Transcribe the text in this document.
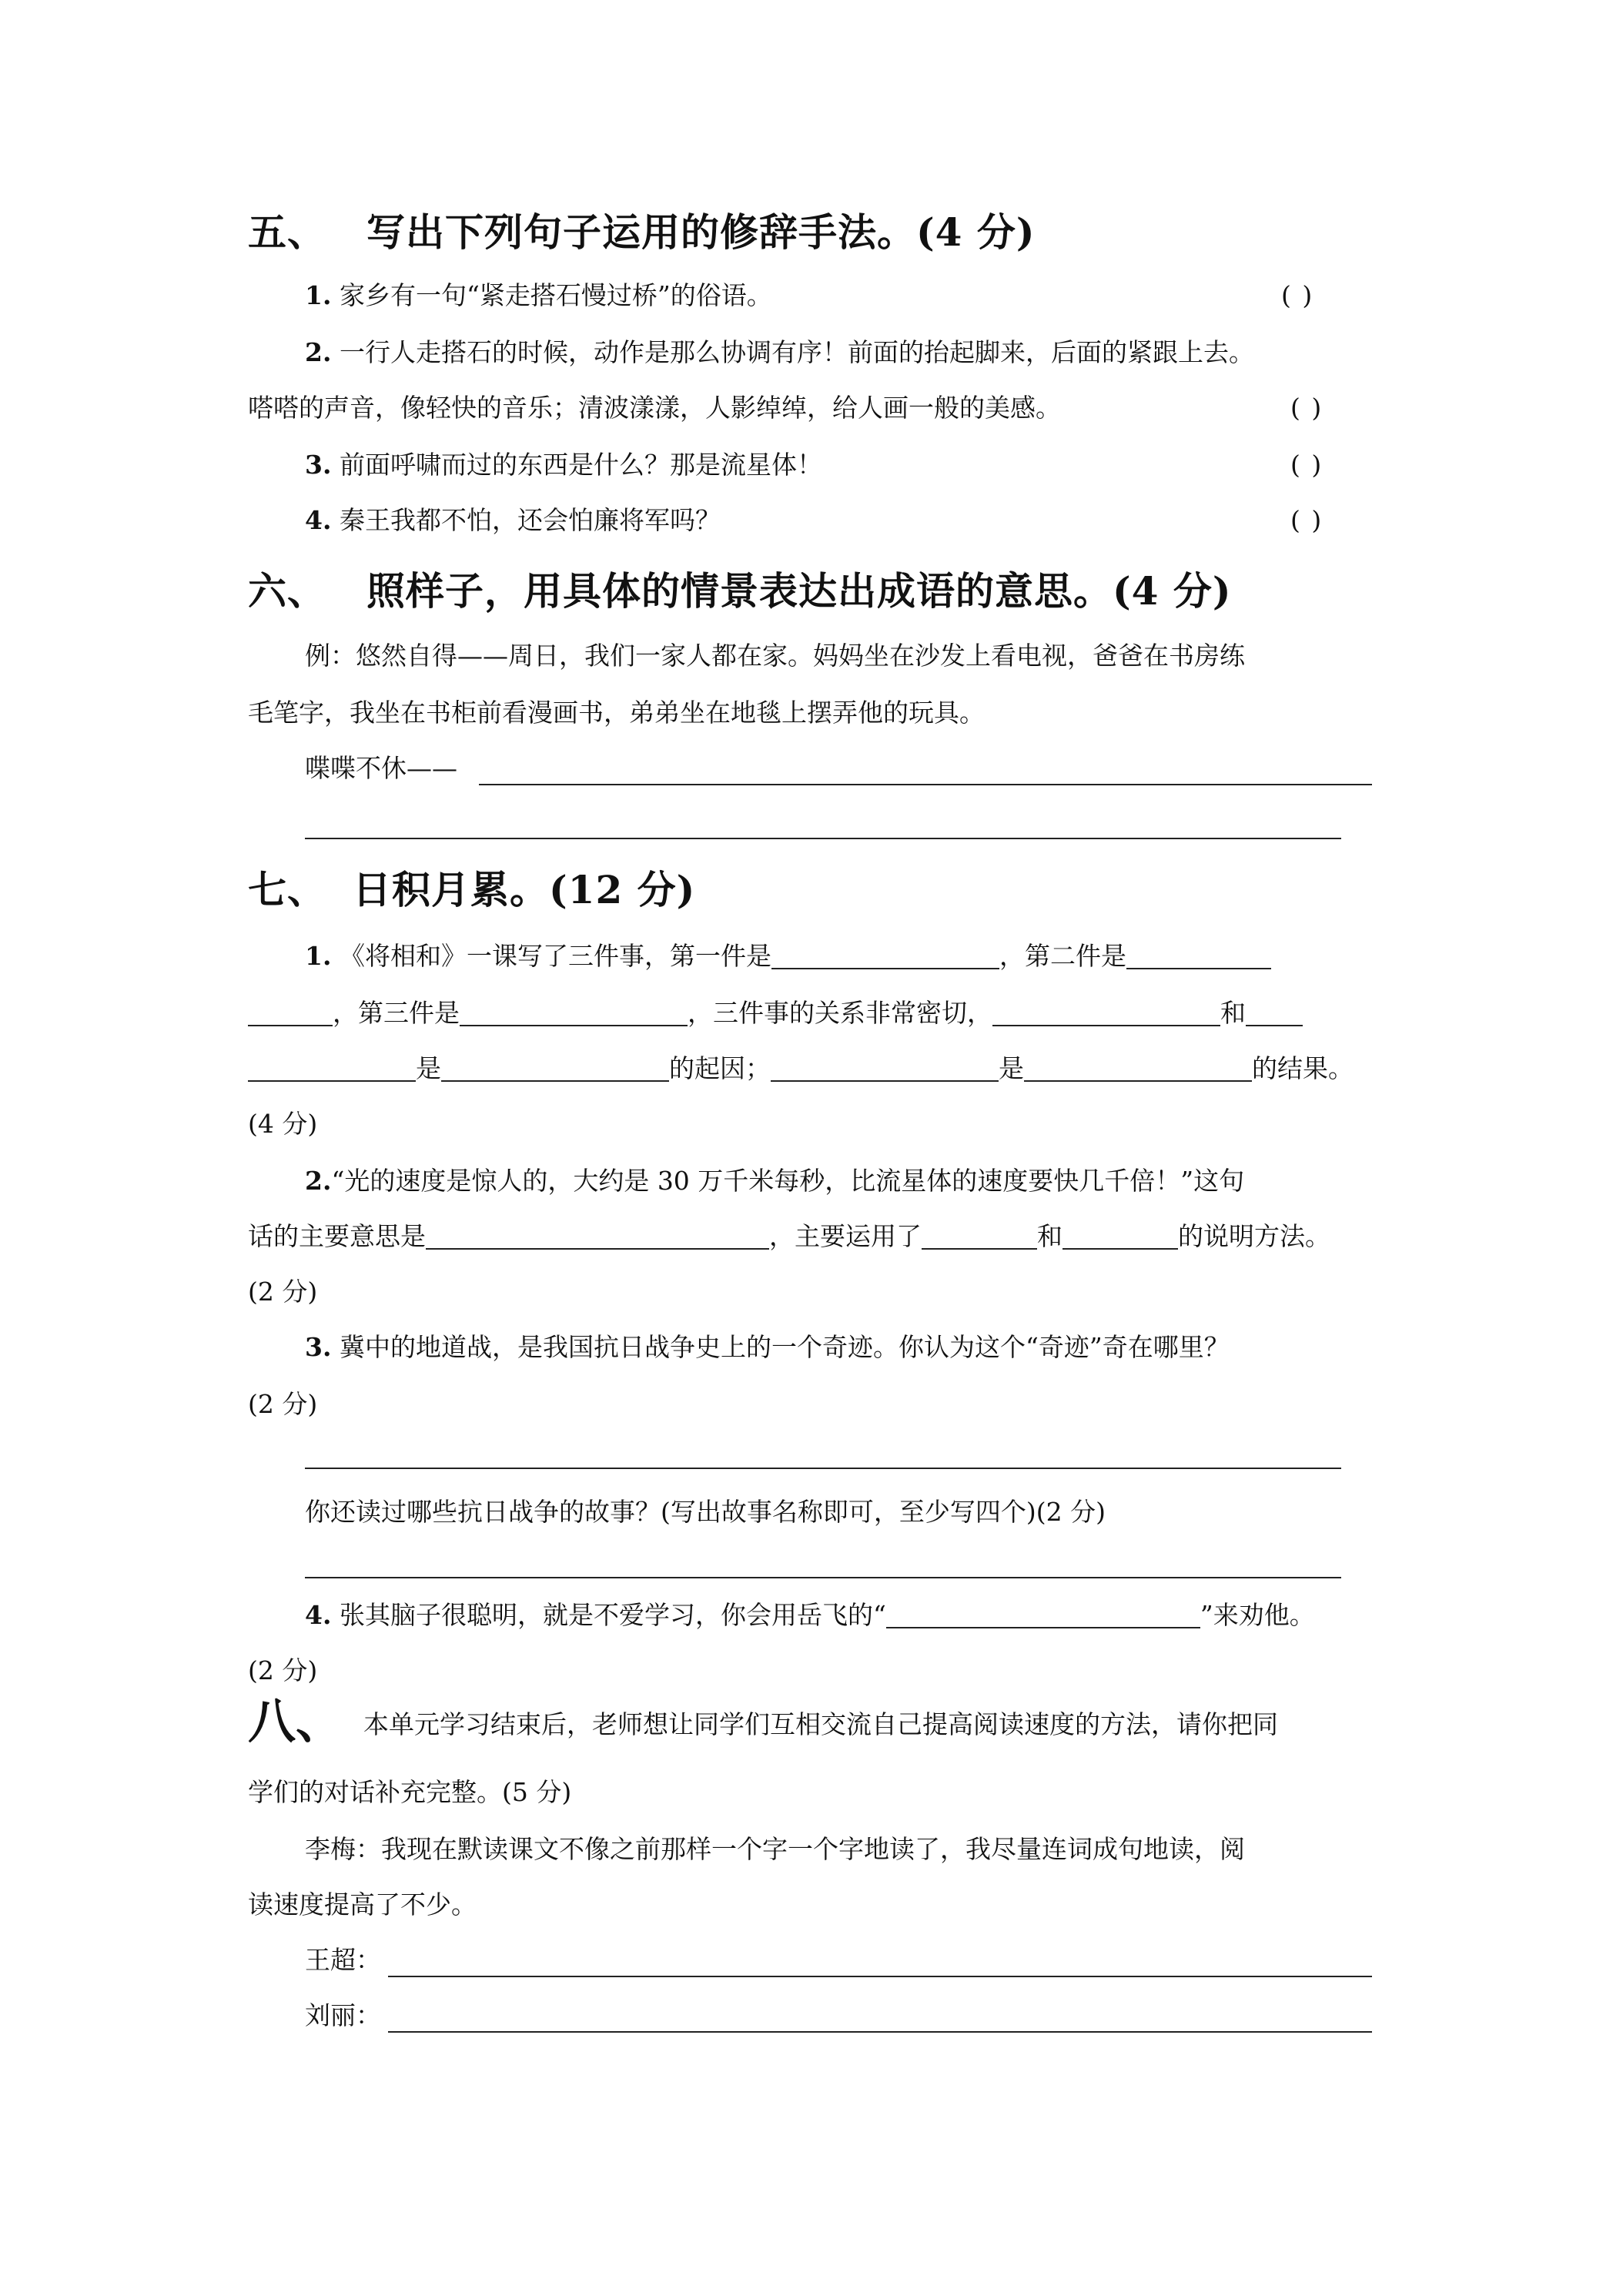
五、 写出下列句子运用的修辞手法。(4 分)
1. 家乡有一句“紧走搭石慢过桥”的俗语。	( )
2. 一行人走搭石的时候，动作是那么协调有序！前面的抬起脚来，后面的紧跟上去。
嗒嗒的声音，像轻快的音乐；清波漾漾，人影绰绰，给人画一般的美感。	( )
3. 前面呼啸而过的东西是什么？那是流星体！	( )
4. 秦王我都不怕，还会怕廉将军吗？	( )
六、 照样子，用具体的情景表达出成语的意思。(4 分)
例：悠然自得——周日，我们一家人都在家。妈妈坐在沙发上看电视，爸爸在书房练
毛笔字，我坐在书柜前看漫画书，弟弟坐在地毯上摆弄他的玩具。
喋喋不休——
七、 日积月累。(12 分)
1. 《将相和》一课写了三件事，第一件是	，第二件是
，第三件是	，三件事的关系非常密切，	和
是	的起因；	是	的结果。
(4 分)
2.“光的速度是惊人的，大约是 30 万千米每秒，比流星体的速度要快几千倍！”这句
话的主要意思是	，主要运用了	和	的说明方法。
(2 分)
3. 冀中的地道战，是我国抗日战争史上的一个奇迹。你认为这个“奇迹”奇在哪里？
(2 分)
你还读过哪些抗日战争的故事？(写出故事名称即可，至少写四个)(2 分)
4. 张其脑子很聪明，就是不爱学习，你会用岳飞的“	”来劝他。
(2 分)
八、 本单元学习结束后，老师想让同学们互相交流自己提高阅读速度的方法，请你把同
学们的对话补充完整。(5 分)
李梅：我现在默读课文不像之前那样一个字一个字地读了，我尽量连词成句地读，阅
读速度提高了不少。
王超：
刘丽：
